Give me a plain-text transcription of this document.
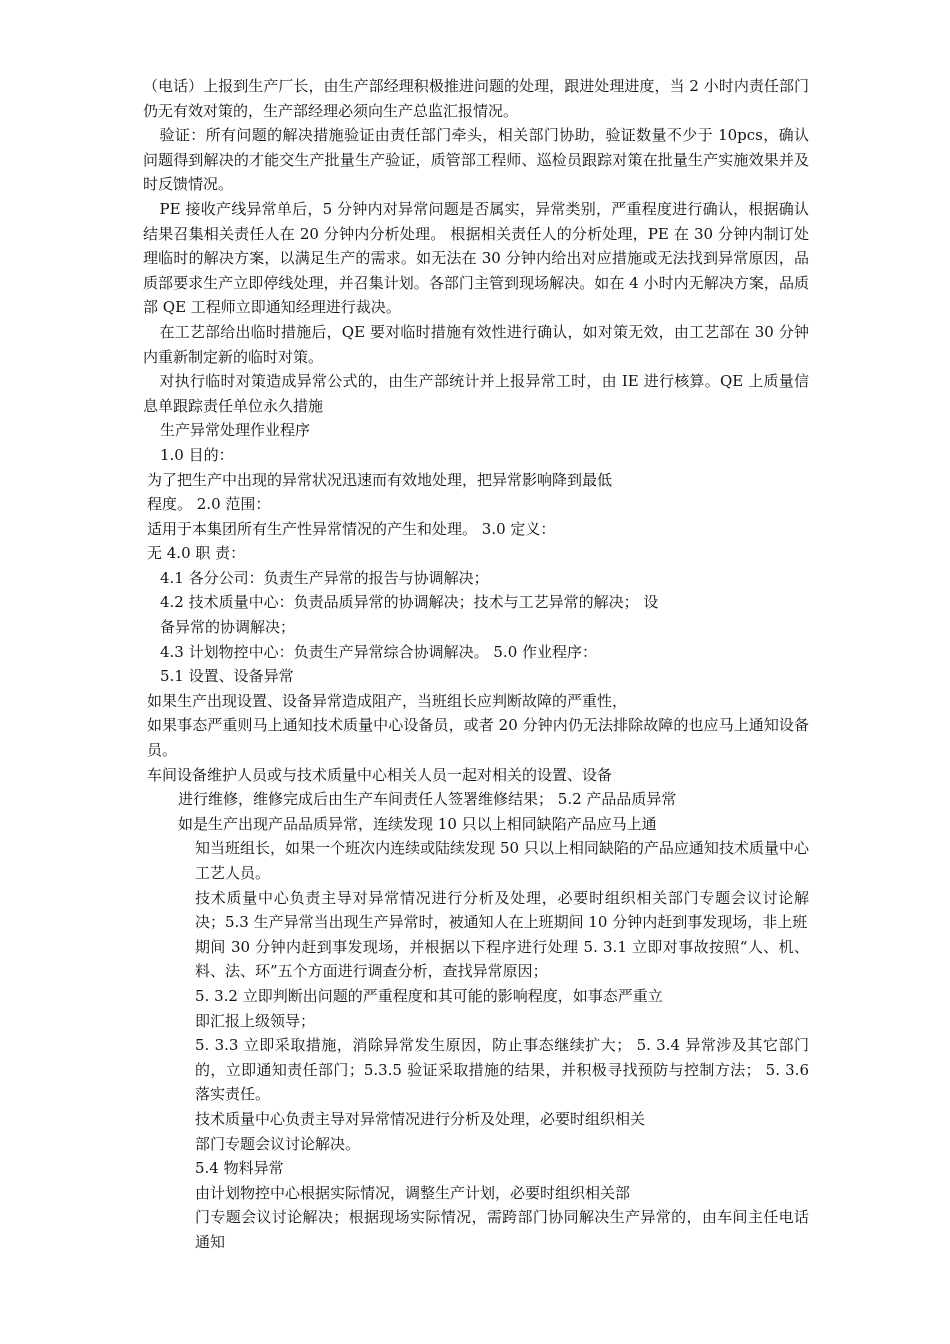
（电话）上报到生产厂长，由生产部经理积极推进问题的处理，跟进处理进度，当 2 小时内责任部门仍无有效对策的，生产部经理必须向生产总监汇报情况。

验证：所有问题的解决措施验证由责任部门牵头，相关部门协助，验证数量不少于 10pcs，确认问题得到解决的才能交生产批量生产验证，质管部工程师、巡检员跟踪对策在批量生产实施效果并及时反馈情况。

PE 接收产线异常单后，5 分钟内对异常问题是否属实，异常类别，严重程度进行确认，根据确认结果召集相关责任人在 20 分钟内分析处理。 根据相关责任人的分析处理，PE 在 30 分钟内制订处理临时的解决方案，以满足生产的需求。如无法在 30 分钟内给出对应措施或无法找到异常原因，品质部要求生产立即停线处理，并召集计划。各部门主管到现场解决。如在 4 小时内无解决方案，品质部 QE 工程师立即通知经理进行裁决。

在工艺部给出临时措施后，QE 要对临时措施有效性进行确认，如对策无效，由工艺部在 30 分钟内重新制定新的临时对策。

对执行临时对策造成异常公式的，由生产部统计并上报异常工时，由 IE 进行核算。QE 上质量信息单跟踪责任单位永久措施

生产异常处理作业程序

1.0 目的：

为了把生产中出现的异常状况迅速而有效地处理，把异常影响降到最低

程度。 2.0 范围：

适用于本集团所有生产性异常情况的产生和处理。 3.0 定义：

无 4.0 职 责：

4.1 各分公司：负责生产异常的报告与协调解决；

4.2 技术质量中心：负责品质异常的协调解决；技术与工艺异常的解决； 设

备异常的协调解决；

4.3 计划物控中心：负责生产异常综合协调解决。 5.0 作业程序：

5.1 设置、设备异常

如果生产出现设置、设备异常造成阻产，当班组长应判断故障的严重性，

如果事态严重则马上通知技术质量中心设备员，或者 20 分钟内仍无法排除故障的也应马上通知设备员。

车间设备维护人员或与技术质量中心相关人员一起对相关的设置、设备

进行维修，维修完成后由生产车间责任人签署维修结果； 5.2 产品品质异常

如是生产出现产品品质异常，连续发现 10 只以上相同缺陷产品应马上通

知当班组长，如果一个班次内连续或陆续发现 50 只以上相同缺陷的产品应通知技术质量中心工艺人员。

技术质量中心负责主导对异常情况进行分析及处理，必要时组织相关部门专题会议讨论解决；5.3 生产异常当出现生产异常时，被通知人在上班期间 10 分钟内赶到事发现场，非上班

期间 30 分钟内赶到事发现场，并根据以下程序进行处理 5. 3.1 立即对事故按照“人、机、料、法、环”五个方面进行调查分析，查找异常原因；

5. 3.2 立即判断出问题的严重程度和其可能的影响程度，如事态严重立

即汇报上级领导；

5. 3.3 立即采取措施，消除异常发生原因，防止事态继续扩大； 5. 3.4 异常涉及其它部门的，立即通知责任部门；5.3.5 验证采取措施的结果，并积极寻找预防与控制方法； 5. 3.6 落实责任。

技术质量中心负责主导对异常情况进行分析及处理，必要时组织相关

部门专题会议讨论解决。

5.4 物料异常

由计划物控中心根据实际情况，调整生产计划，必要时组织相关部

门专题会议讨论解决；根据现场实际情况，需跨部门协同解决生产异常的，由车间主任电话通知
